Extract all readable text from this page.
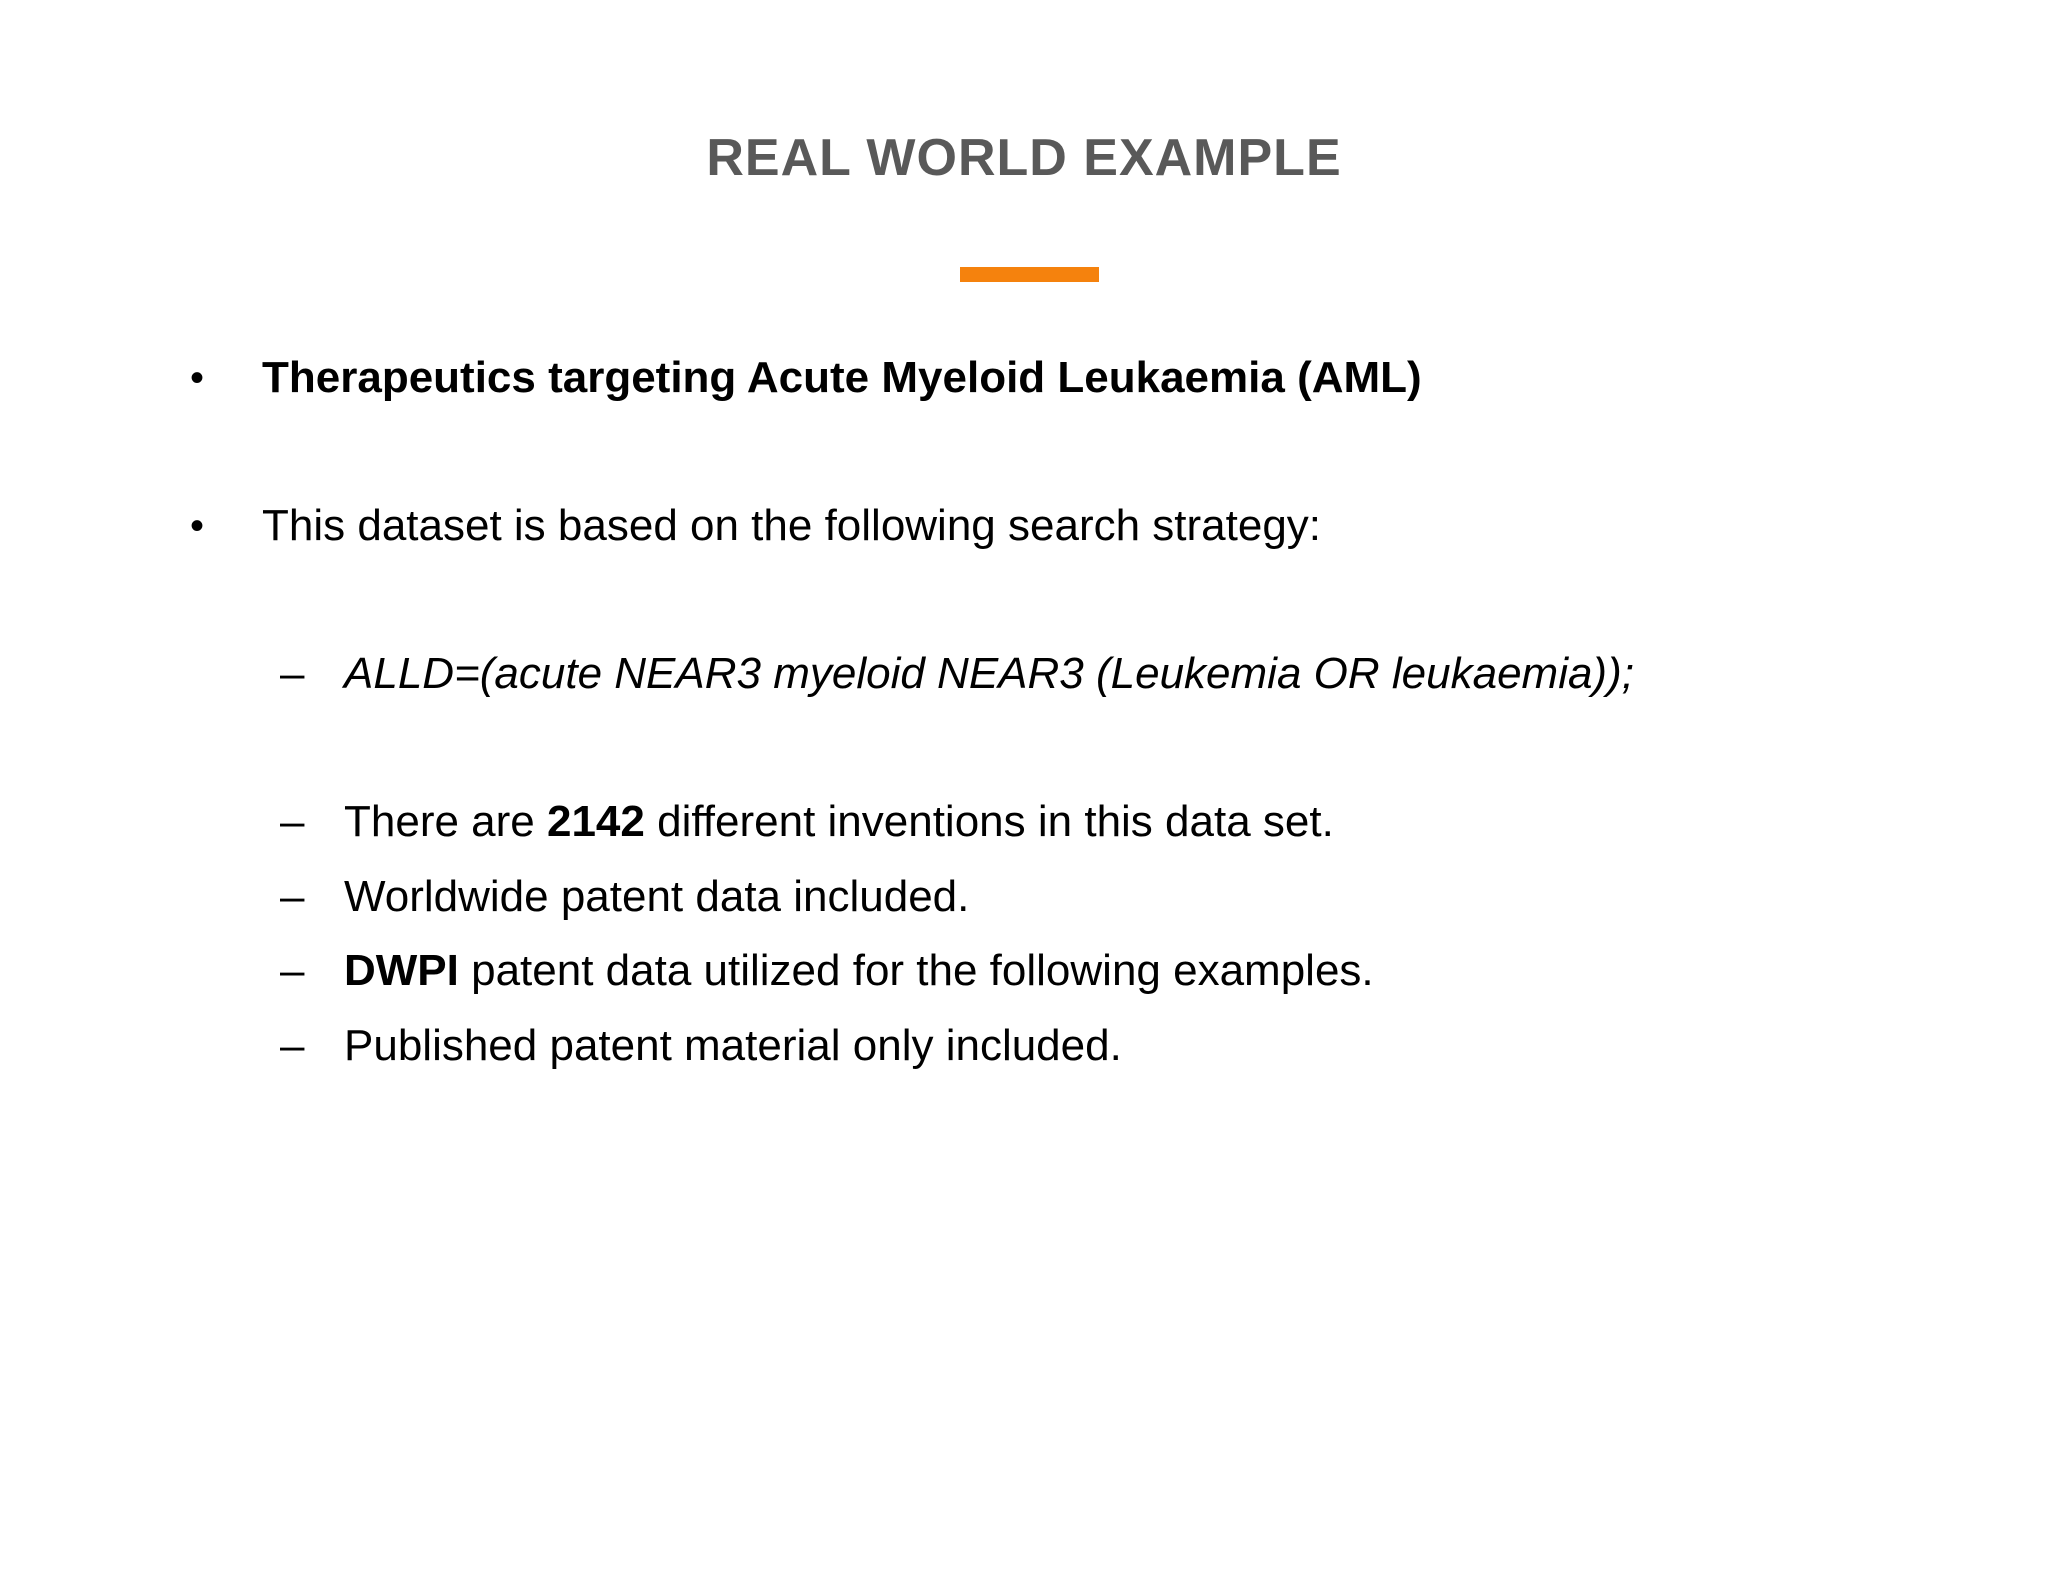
REAL WORLD EXAMPLE
• Therapeutics targeting Acute Myeloid Leukaemia (AML)
• This dataset is based on the following search strategy:
– ALLD=(acute NEAR3 myeloid NEAR3 (Leukemia OR leukaemia));
– There are 2142 different inventions in this data set.
– Worldwide patent data included.
– DWPI patent data utilized for the following examples.
– Published patent material only included.
